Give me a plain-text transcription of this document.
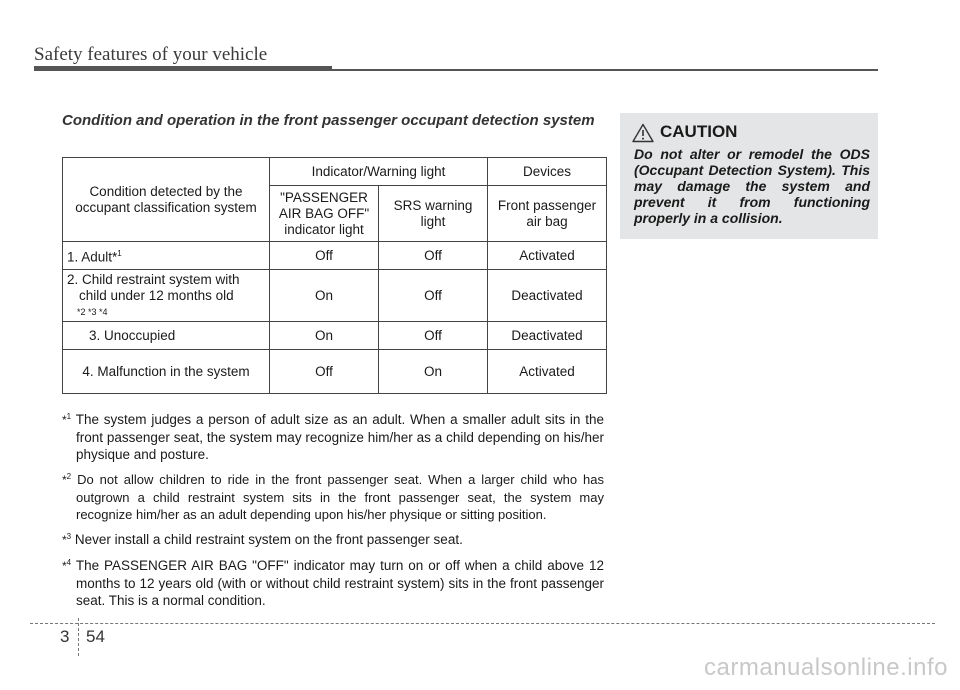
Safety features of your vehicle
Condition and operation in the front passenger occupant detection system
Condition detected by the occupant classification system	Indicator/Warning light		Devices
	"PASSENGER AIR BAG OFF" indicator light	SRS warning light	Front passenger air bag
1. Adult*$^1$	Off	Off	Activated

2. Child restraint system with
child under 12 months old
*2 *3 *4	On	Off	Deactivated
3. Unoccupied	On	Off	Deactivated
4. Malfunction in the system	Off	On	Activated
*$^1$ The system judges a person of adult size as an adult. When a smaller adult sits in the front passenger seat, the system may recognize him/her as a child depending on his/her physique and posture.
*$^2$ Do not allow children to ride in the front passenger seat. When a larger child who has outgrown a child restraint system sits in the front passenger seat, the system may recognize him/her as an adult depending upon his/her physique or sitting position.
*$^3$ Never install a child restraint system on the front passenger seat.
*$^4$ The PASSENGER AIR BAG "OFF" indicator may turn on or off when a child above 12 months to 12 years old (with or without child restraint system) sits in the front passenger seat. This is a normal condition.
CAUTION
Do not alter or remodel the ODS (Occupant Detection System). This may damage the system and prevent it from functioning properly in a collision.
3 54
carmanualsonline.info
